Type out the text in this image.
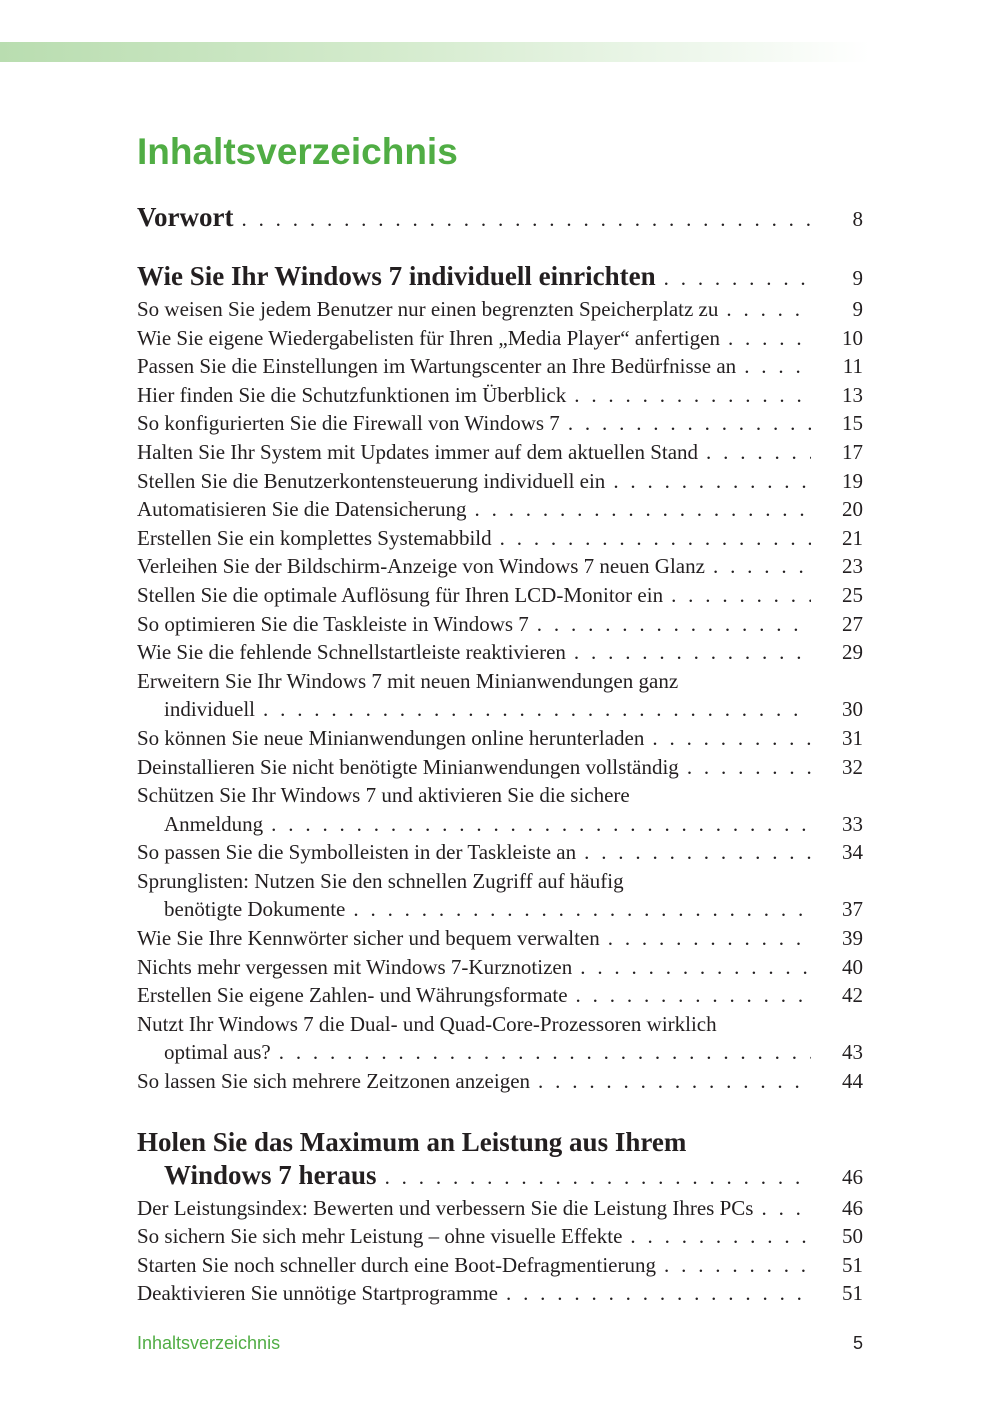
Inhaltsverzeichnis
Vorwort . . .	8
Wie Sie Ihr Windows 7 individuell einrichten . . .	9
So weisen Sie jedem Benutzer nur einen begrenzten Speicherplatz zu . . .	9
Wie Sie eigene Wiedergabelisten für Ihren „Media Player“ anfertigen . . .	10
Passen Sie die Einstellungen im Wartungscenter an Ihre Bedürfnisse an . . .	11
Hier finden Sie die Schutzfunktionen im Überblick . . .	13
So konfigurierten Sie die Firewall von Windows 7 . . .	15
Halten Sie Ihr System mit Updates immer auf dem aktuellen Stand . . .	17
Stellen Sie die Benutzerkontensteuerung individuell ein . . .	19
Automatisieren Sie die Datensicherung . . .	20
Erstellen Sie ein komplettes Systemabbild . . .	21
Verleihen Sie der Bildschirm-Anzeige von Windows 7 neuen Glanz . . .	23
Stellen Sie die optimale Auflösung für Ihren LCD-Monitor ein . . .	25
So optimieren Sie die Taskleiste in Windows 7 . . .	27
Wie Sie die fehlende Schnellstartleiste reaktivieren . . .	29
Erweitern Sie Ihr Windows 7 mit neuen Minianwendungen ganz
individuell . . .	30
So können Sie neue Minianwendungen online herunterladen . . .	31
Deinstallieren Sie nicht benötigte Minianwendungen vollständig . . .	32
Schützen Sie Ihr Windows 7 und aktivieren Sie die sichere
Anmeldung . . .	33
So passen Sie die Symbolleisten in der Taskleiste an . . .	34
Sprunglisten: Nutzen Sie den schnellen Zugriff auf häufig
benötigte Dokumente . . .	37
Wie Sie Ihre Kennwörter sicher und bequem verwalten . . .	39
Nichts mehr vergessen mit Windows 7-Kurznotizen . . .	40
Erstellen Sie eigene Zahlen- und Währungsformate . . .	42
Nutzt Ihr Windows 7 die Dual- und Quad-Core-Prozessoren wirklich
optimal aus? . . .	43
So lassen Sie sich mehrere Zeitzonen anzeigen . . .	44
Holen Sie das Maximum an Leistung aus Ihrem
Windows 7 heraus . . .	46
Der Leistungsindex: Bewerten und verbessern Sie die Leistung Ihres PCs . . .	46
So sichern Sie sich mehr Leistung – ohne visuelle Effekte . . .	50
Starten Sie noch schneller durch eine Boot-Defragmentierung . . .	51
Deaktivieren Sie unnötige Startprogramme . . .	51
Inhaltsverzeichnis	5
